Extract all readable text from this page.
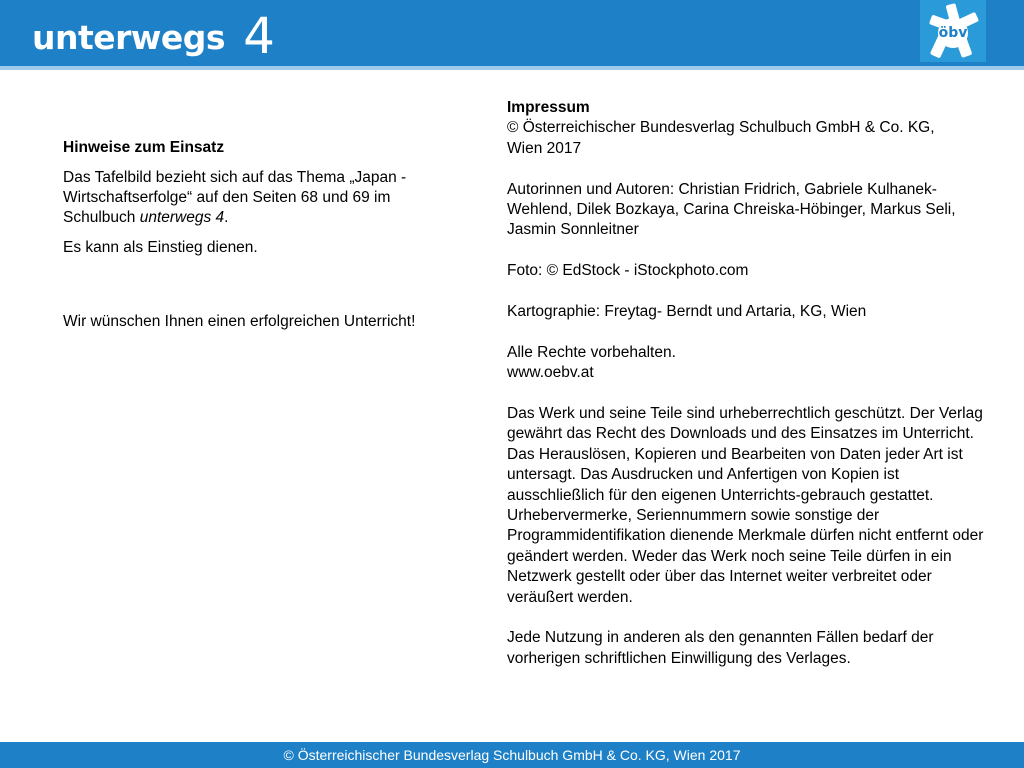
unterwegs 4	öbv

Hinweise zum Einsatz

Das Tafelbild bezieht sich auf das Thema „Japan - Wirtschaftserfolge“ auf den Seiten 68 und 69 im Schulbuch unterwegs 4.

Es kann als Einstieg dienen.

Wir wünschen Ihnen einen erfolgreichen Unterricht!

Impressum

© Österreichischer Bundesverlag Schulbuch GmbH & Co. KG,

Wien 2017

Autorinnen und Autoren: Christian Fridrich, Gabriele Kulhanek-Wehlend, Dilek Bozkaya, Carina Chreiska-Höbinger, Markus Seli, Jasmin Sonnleitner

Foto: © EdStock - iStockphoto.com

Kartographie: Freytag- Berndt und Artaria, KG, Wien

Alle Rechte vorbehalten.

www.oebv.at

Das Werk und seine Teile sind urheberrechtlich geschützt. Der Verlag gewährt das Recht des Downloads und des Einsatzes im Unterricht. Das Herauslösen, Kopieren und Bearbeiten von Daten jeder Art ist untersagt. Das Ausdrucken und Anfertigen von Kopien ist ausschließlich für den eigenen Unterrichts-gebrauch gestattet. Urhebervermerke, Seriennummern sowie sonstige der Programmidentifikation dienende Merkmale dürfen nicht entfernt oder geändert werden. Weder das Werk noch seine Teile dürfen in ein Netzwerk gestellt oder über das Internet weiter verbreitet oder veräußert werden.

Jede Nutzung in anderen als den genannten Fällen bedarf der vorherigen schriftlichen Einwilligung des Verlages.

© Österreichischer Bundesverlag Schulbuch GmbH & Co. KG, Wien 2017
